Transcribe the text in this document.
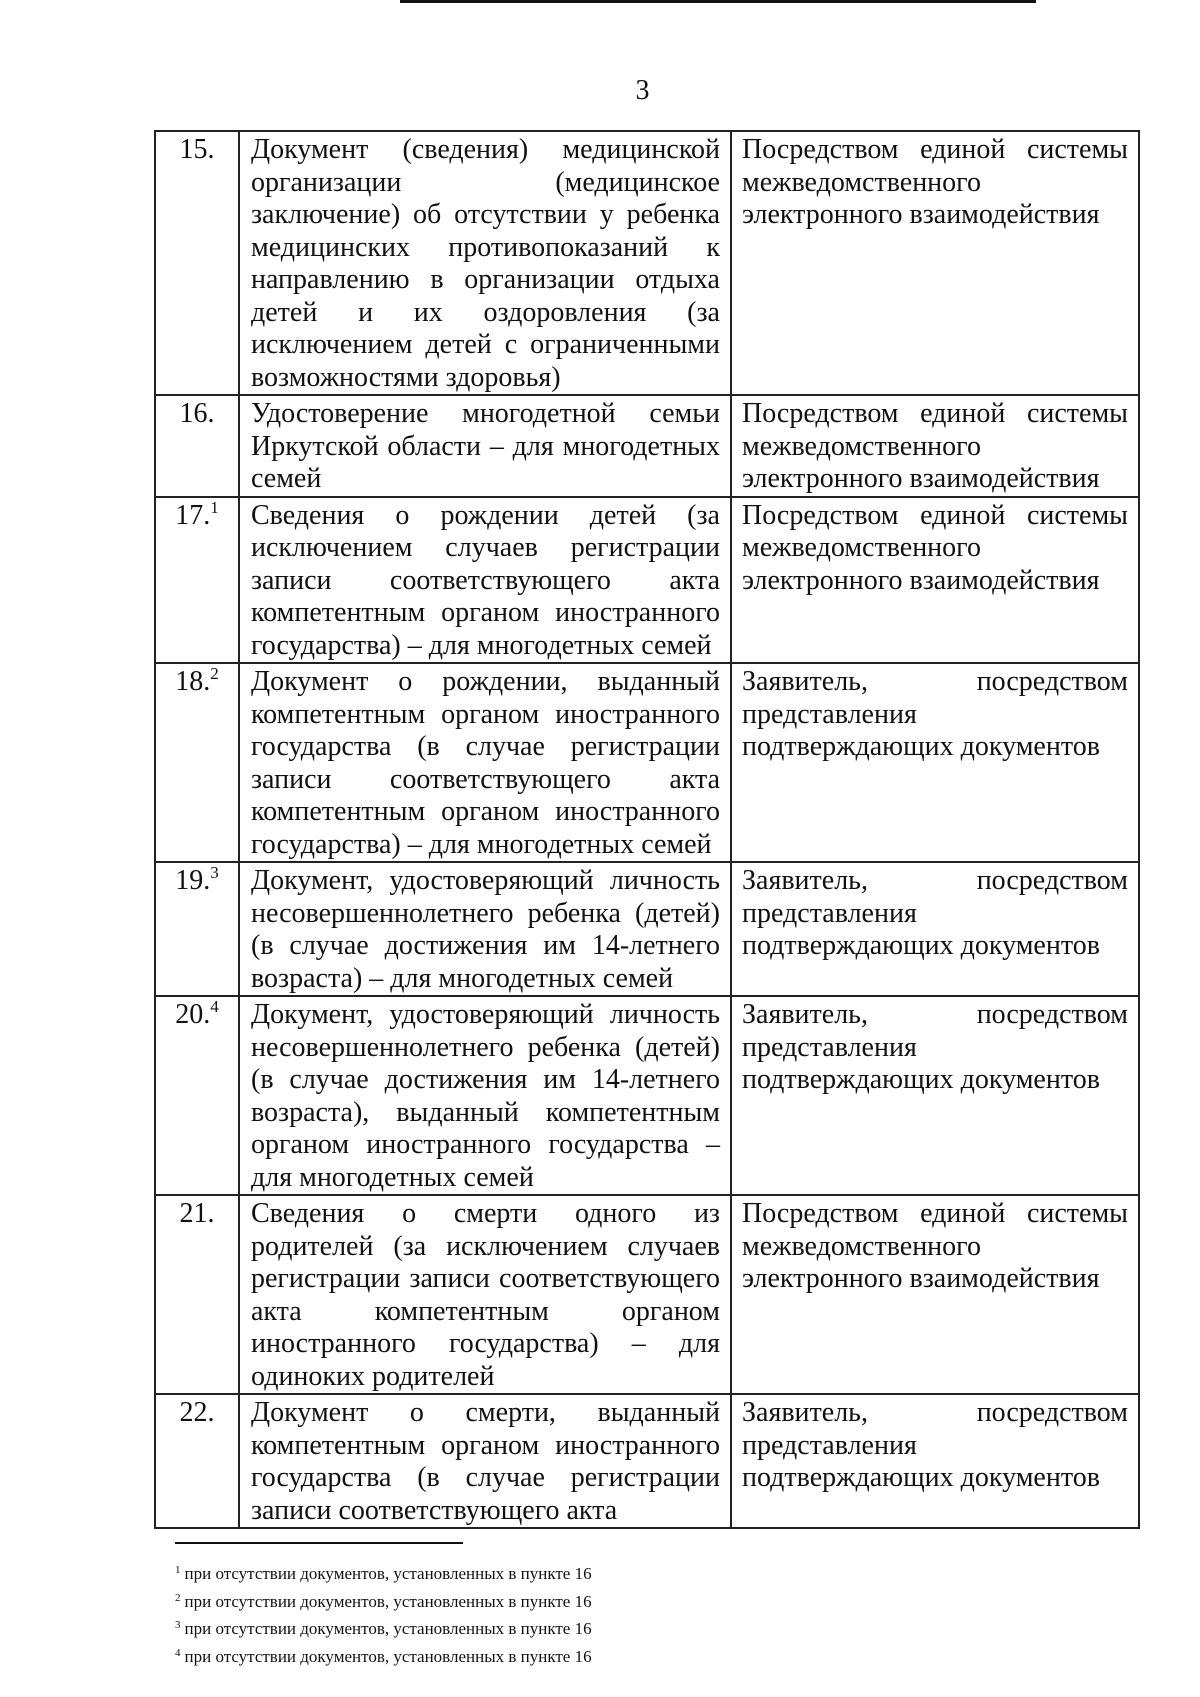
3
15.	Документ (сведения) медицинской организации (медицинское заключение) об отсутствии у ребенка медицинских противопоказаний к направлению в организации отдыха детей и их оздоровления (за исключением детей с ограниченными возможностями здоровья)	Посредством единой системы межведомственного электронного взаимодействия
16.	Удостоверение многодетной семьи Иркутской области – для многодетных семей	Посредством единой системы межведомственного электронного взаимодействия
17.$^1$	Сведения о рождении детей (за исключением случаев регистрации записи соответствующего акта компетентным органом иностранного государства) – для многодетных семей	Посредством единой системы межведомственного электронного взаимодействия
18.$^2$	Документ о рождении, выданный компетентным органом иностранного государства (в случае регистрации записи соответствующего акта компетентным органом иностранного государства) – для многодетных семей	Заявитель, посредством представления подтверждающих документов
19.$^3$	Документ, удостоверяющий личность несовершеннолетнего ребенка (детей) (в случае достижения им 14-летнего возраста) – для многодетных семей	Заявитель, посредством представления подтверждающих документов
20.$^4$	Документ, удостоверяющий личность несовершеннолетнего ребенка (детей) (в случае достижения им 14-летнего возраста), выданный компетентным органом иностранного государства – для многодетных семей	Заявитель, посредством представления подтверждающих документов
21.	Сведения о смерти одного из родителей (за исключением случаев регистрации записи соответствующего акта компетентным органом иностранного государства) – для одиноких родителей	Посредством единой системы межведомственного электронного взаимодействия
22.	Документ о смерти, выданный компетентным органом иностранного государства (в случае регистрации записи соответствующего акта	Заявитель, посредством представления подтверждающих документов
$^1$ при отсутствии документов, установленных в пункте 16
$^2$ при отсутствии документов, установленных в пункте 16
$^3$ при отсутствии документов, установленных в пункте 16
$^4$ при отсутствии документов, установленных в пункте 16
